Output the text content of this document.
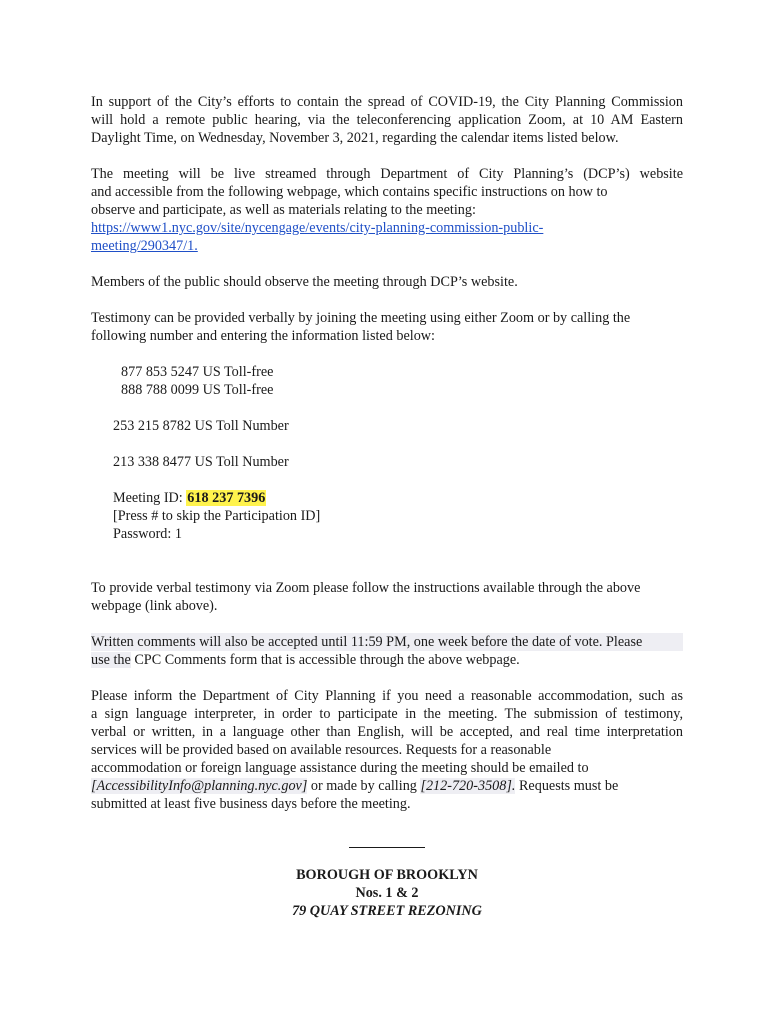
In support of the City’s efforts to contain the spread of COVID-19, the City Planning Commission
will hold a remote public hearing, via the teleconferencing application Zoom, at 10 AM Eastern
Daylight Time, on Wednesday, November 3, 2021, regarding the calendar items listed below.

The meeting will be live streamed through Department of City Planning’s (DCP’s) website
and accessible from the following webpage, which contains specific instructions on how to
observe and participate, as well as materials relating to the meeting:
https://www1.nyc.gov/site/nycengage/events/city-planning-commission-public-
meeting/290347/1.

Members of the public should observe the meeting through DCP’s website.

Testimony can be provided verbally by joining the meeting using either Zoom or by calling the
following number and entering the information listed below:

877 853 5247 US Toll-free
888 788 0099 US Toll-free

253 215 8782 US Toll Number

213 338 8477 US Toll Number

Meeting ID: 618 237 7396
[Press # to skip the Participation ID]
Password: 1

To provide verbal testimony via Zoom please follow the instructions available through the above
webpage (link above).

Written comments will also be accepted until 11:59 PM, one week before the date of vote. Please
use the CPC Comments form that is accessible through the above webpage.

Please inform the Department of City Planning if you need a reasonable accommodation, such as
a sign language interpreter, in order to participate in the meeting. The submission of testimony,
verbal or written, in a language other than English, will be accepted, and real time interpretation
services will be provided based on available resources. Requests for a reasonable
accommodation or foreign language assistance during the meeting should be emailed to
[AccessibilityInfo@planning.nyc.gov] or made by calling [212-720-3508]. Requests must be
submitted at least five business days before the meeting.

BOROUGH OF BROOKLYN
Nos. 1 & 2
79 QUAY STREET REZONING
